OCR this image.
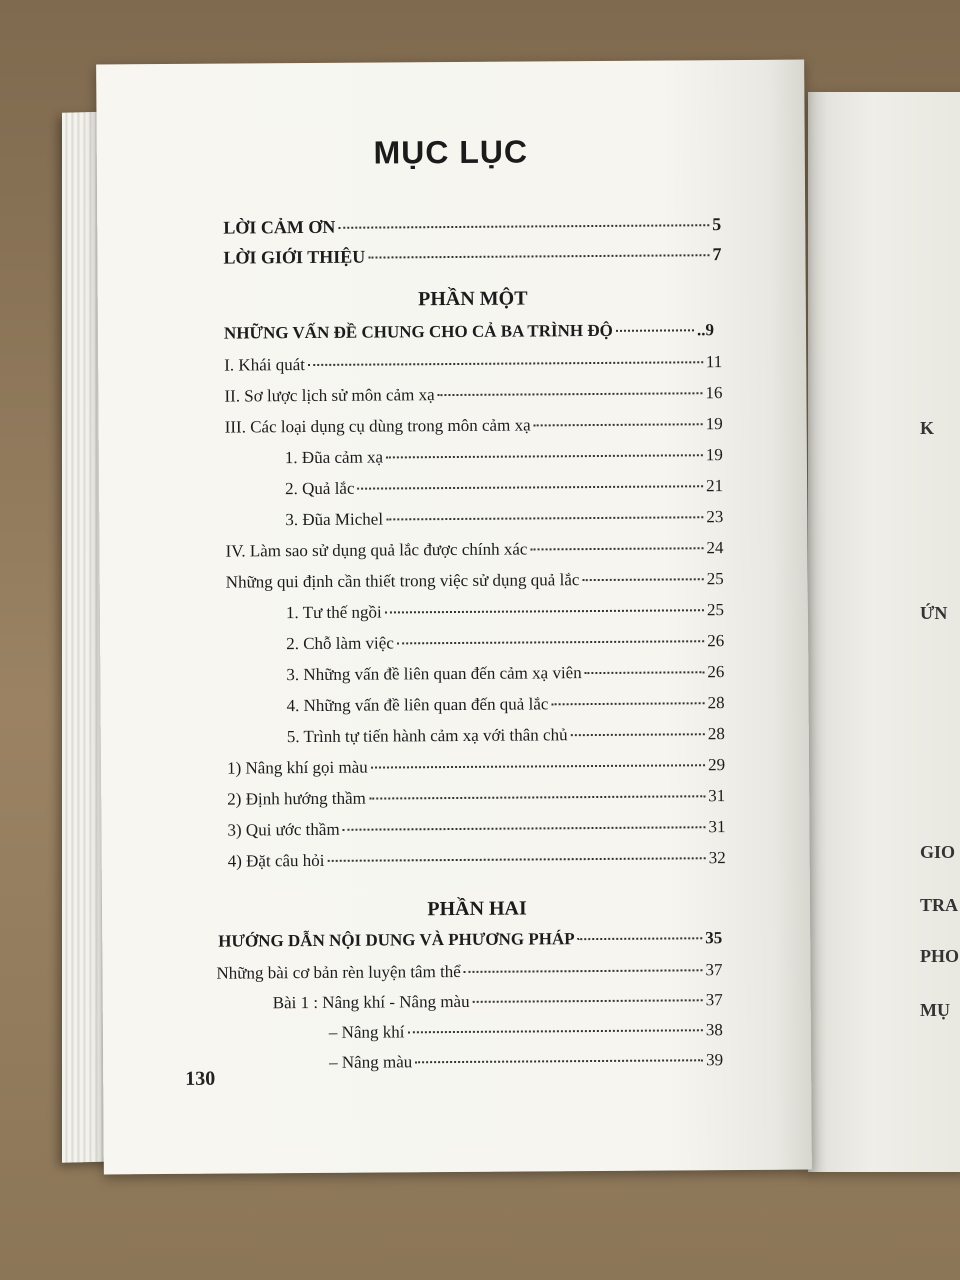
K
ỨN
GIO
TRA
PHO
MỤ
MỤC LỤC
LỜI CẢM ƠN	5
LỜI GIỚI THIỆU	7
PHẦN MỘT
NHỮNG VẤN ĐỀ CHUNG CHO CẢ BA TRÌNH ĐỘ	..9
I. Khái quát	11
II. Sơ lược lịch sử môn cảm xạ	16
III. Các loại dụng cụ dùng trong môn cảm xạ	19
1. Đũa cảm xạ	19
2. Quả lắc	21
3. Đũa Michel	23
IV. Làm sao sử dụng quả lắc được chính xác	24
Những qui định cần thiết trong việc sử dụng quả lắc	25
1. Tư thế ngồi	25
2. Chỗ làm việc	26
3. Những vấn đề liên quan đến cảm xạ viên	26
4. Những vấn đề liên quan đến quả lắc	28
5. Trình tự tiến hành cảm xạ với thân chủ	28
1) Nâng khí gọi màu	29
2) Định hướng thầm	31
3) Qui ước thầm	31
4) Đặt câu hỏi	32
PHẦN HAI
HƯỚNG DẪN NỘI DUNG VÀ PHƯƠNG PHÁP	35
Những bài cơ bản rèn luyện tâm thể	37
Bài 1 : Nâng khí - Nâng màu	37
– Nâng khí	38
– Nâng màu	39
130
